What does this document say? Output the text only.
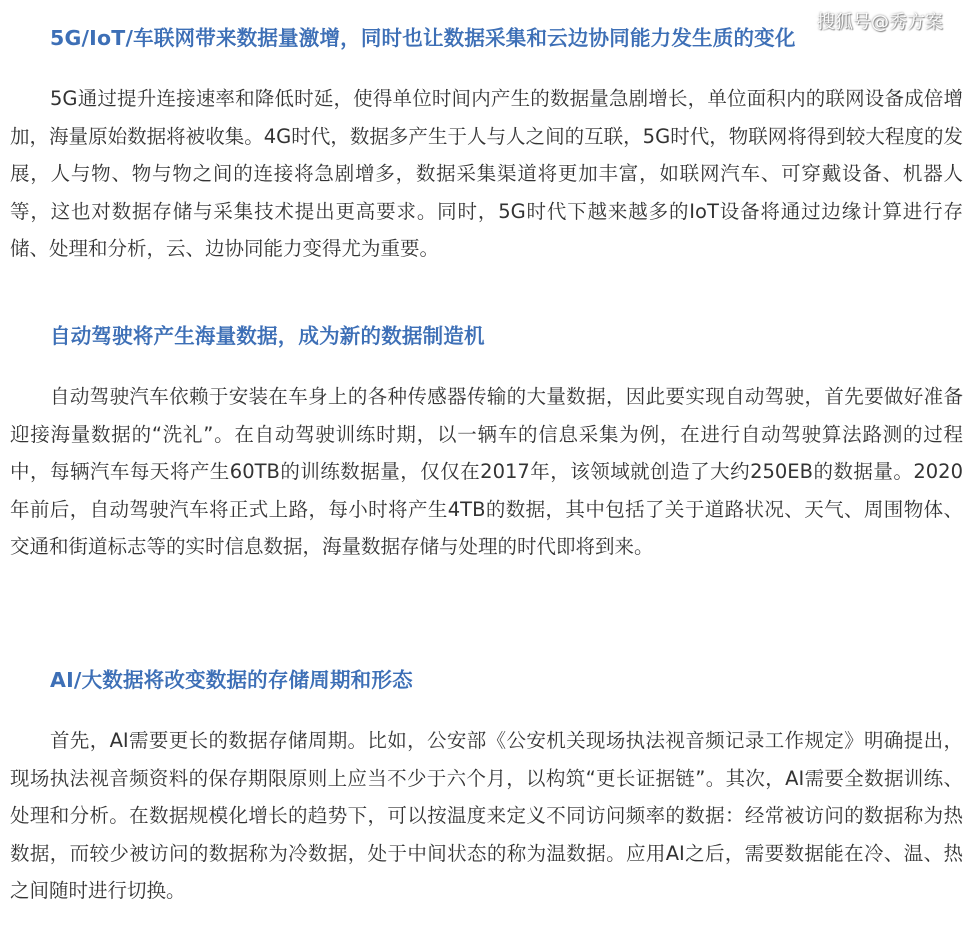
搜狐号@秀方案
5G/IoT/车联网带来数据量激增，同时也让数据采集和云边协同能力发生质的变化

5G通过提升连接速率和降低时延，使得单位时间内产生的数据量急剧增长，单位面积内的联网设备成倍增加，海量原始数据将被收集。4G时代，数据多产生于人与人之间的互联，5G时代，物联网将得到较大程度的发展，人与物、物与物之间的连接将急剧增多，数据采集渠道将更加丰富，如联网汽车、可穿戴设备、机器人等，这也对数据存储与采集技术提出更高要求。同时，5G时代下越来越多的IoT设备将通过边缘计算进行存储、处理和分析，云、边协同能力变得尤为重要。

自动驾驶将产生海量数据，成为新的数据制造机

自动驾驶汽车依赖于安装在车身上的各种传感器传输的大量数据，因此要实现自动驾驶，首先要做好准备迎接海量数据的“洗礼”。在自动驾驶训练时期，以一辆车的信息采集为例，在进行自动驾驶算法路测的过程中，每辆汽车每天将产生60TB的训练数据量，仅仅在2017年，该领域就创造了大约250EB的数据量。2020年前后，自动驾驶汽车将正式上路，每小时将产生4TB的数据，其中包括了关于道路状况、天气、周围物体、交通和街道标志等的实时信息数据，海量数据存储与处理的时代即将到来。

AI/大数据将改变数据的存储周期和形态

首先，AI需要更长的数据存储周期。比如，公安部《公安机关现场执法视音频记录工作规定》明确提出，现场执法视音频资料的保存期限原则上应当不少于六个月，以构筑“更长证据链”。其次，AI需要全数据训练、处理和分析。在数据规模化增长的趋势下，可以按温度来定义不同访问频率的数据：经常被访问的数据称为热数据，而较少被访问的数据称为冷数据，处于中间状态的称为温数据。应用AI之后，需要数据能在冷、温、热之间随时进行切换。
